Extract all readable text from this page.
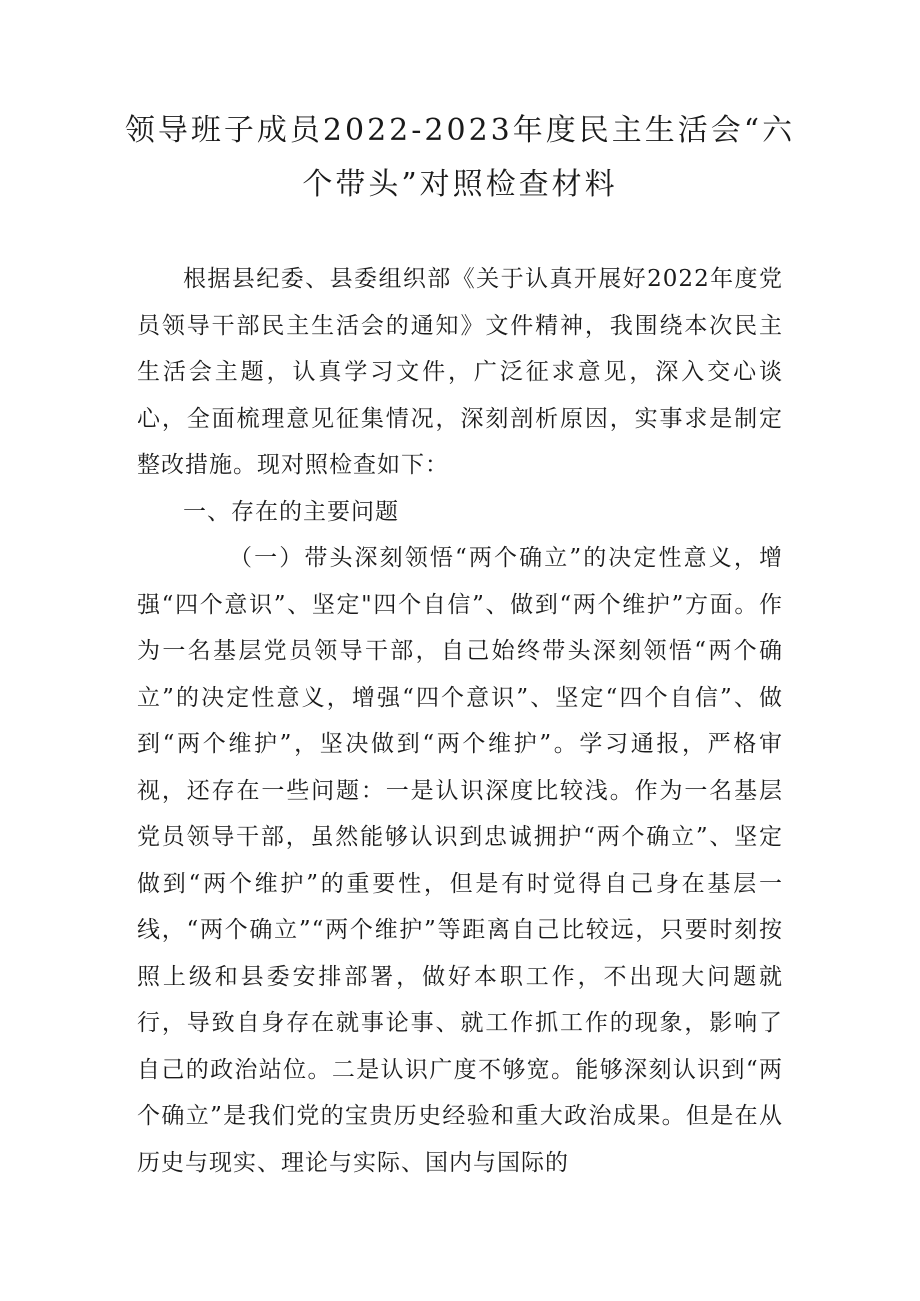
领导班子成员2022-2023年度民主生活会“六
个带头”对照检查材料

根据县纪委、县委组织部《关于认真开展好2022年度党员领导干部民主生活会的通知》文件精神，我围绕本次民主生活会主题，认真学习文件，广泛征求意见，深入交心谈心，全面梳理意见征集情况，深刻剖析原因，实事求是制定整改措施。现对照检查如下：

一、存在的主要问题

（一）带头深刻领悟“两个确立”的决定性意义，增强“四个意识”、坚定"四个自信”、做到“两个维护”方面。作为一名基层党员领导干部，自己始终带头深刻领悟“两个确立”的决定性意义，增强“四个意识”、坚定“四个自信”、做到“两个维护”，坚决做到“两个维护”。学习通报，严格审视，还存在一些问题：一是认识深度比较浅。作为一名基层党员领导干部，虽然能够认识到忠诚拥护“两个确立”、坚定做到“两个维护”的重要性，但是有时觉得自己身在基层一线，“两个确立”“两个维护”等距离自己比较远，只要时刻按照上级和县委安排部署，做好本职工作，不出现大问题就行，导致自身存在就事论事、就工作抓工作的现象，影响了自己的政治站位。二是认识广度不够宽。能够深刻认识到“两个确立”是我们党的宝贵历史经验和重大政治成果。但是在从历史与现实、理论与实际、国内与国际的
